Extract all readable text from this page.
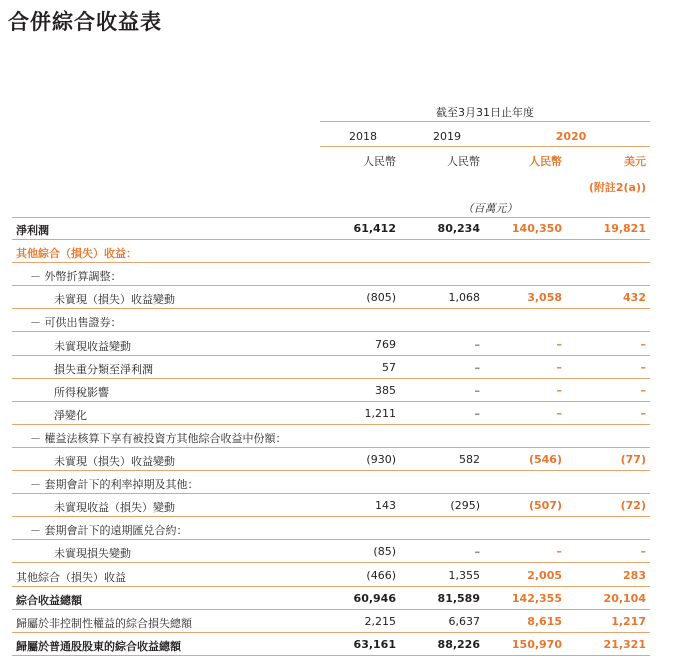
合併綜合收益表
截至3月31日止年度
2018	2019	2020
人民幣	人民幣	人民幣	美元
(附註2(a))
（百萬元）
淨利潤	61,412	80,234	140,350	19,821
其他綜合（損失）收益：
－ 外幣折算調整：
未實現（損失）收益變動	(805)	1,068	3,058	432
－ 可供出售證券：
未實現收益變動	769	–	–	–
損失重分類至淨利潤	57	–	–	–
所得稅影響	385	–	–	–
淨變化	1,211	–	–	–
－ 權益法核算下享有被投資方其他綜合收益中份額：
未實現（損失）收益變動	(930)	582	(546)	(77)
－ 套期會計下的利率掉期及其他：
未實現收益（損失）變動	143	(295)	(507)	(72)
－ 套期會計下的遠期匯兑合約：
未實現損失變動	(85)	–	–	–
其他綜合（損失）收益	(466)	1,355	2,005	283
綜合收益總額	60,946	81,589	142,355	20,104
歸屬於非控制性權益的綜合損失總額	2,215	6,637	8,615	1,217
歸屬於普通股股東的綜合收益總額	63,161	88,226	150,970	21,321
